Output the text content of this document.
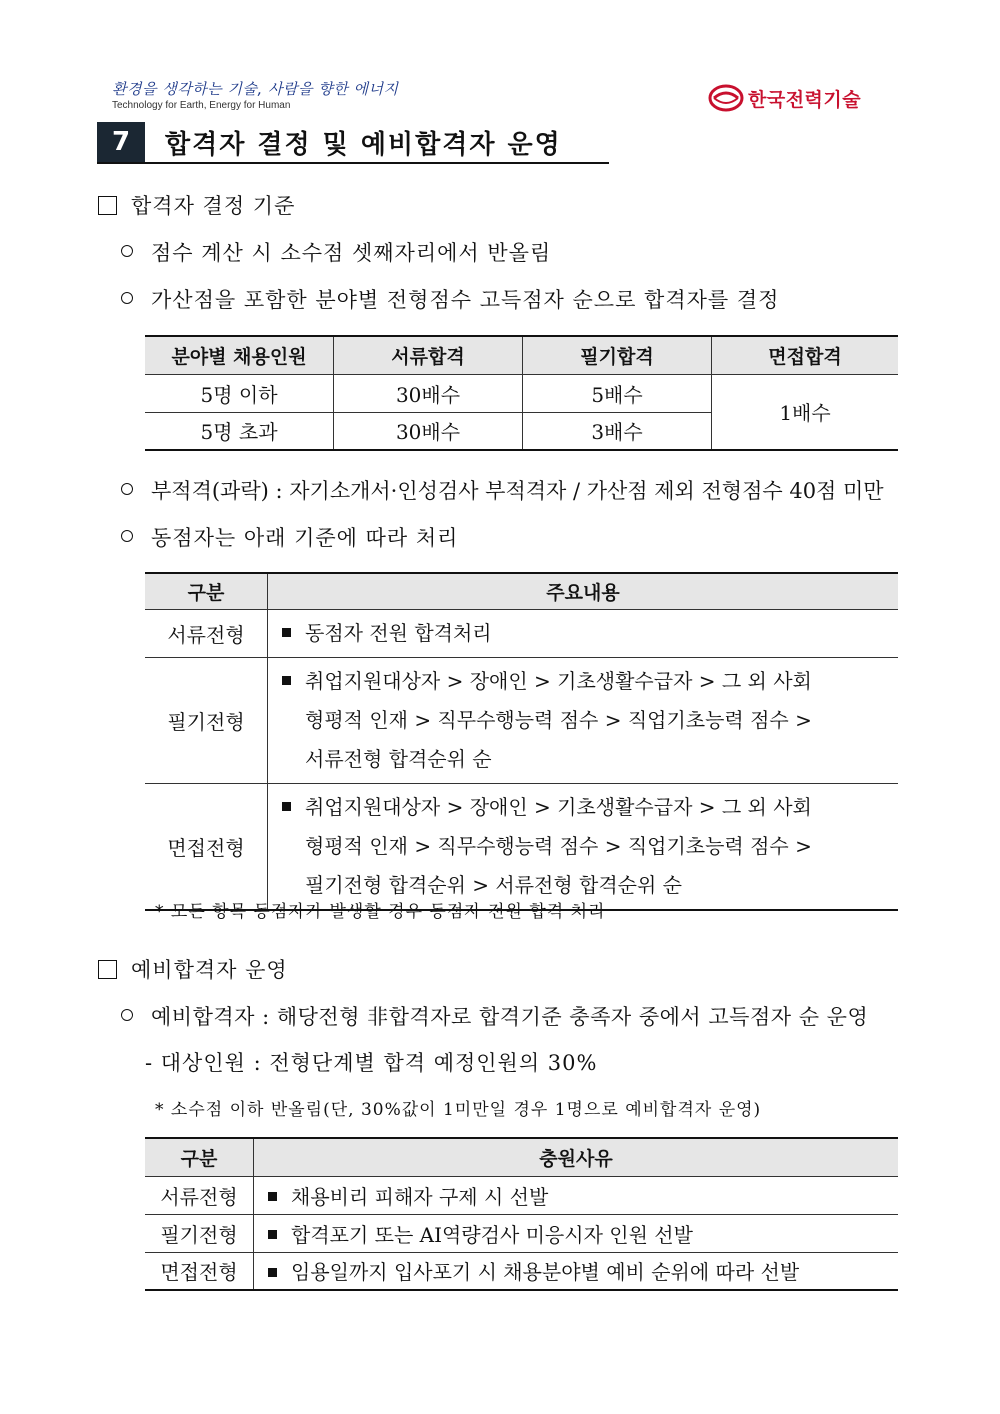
환경을 생각하는 기술, 사람을 향한 에너지
Technology for Earth, Energy for Human	한국전력기술
7	합격자 결정 및 예비합격자 운영
합격자 결정 기준
점수 계산 시 소수점 셋째자리에서 반올림
가산점을 포함한 분야별 전형점수 고득점자 순으로 합격자를 결정
분야별 채용인원	서류합격	필기합격	면접합격
5명 이하	30배수	5배수	1배수
5명 초과	30배수	3배수	
부적격(과락) : 자기소개서·인성검사 부적격자 / 가산점 제외 전형점수 40점 미만
동점자는 아래 기준에 따라 처리
구분	주요내용
서류전형	동점자 전원 합격처리

필기전형	취업지원대상자 > 장애인 > 기초생활수급자 > 그 외 사회
형평적 인재 > 직무수행능력 점수 > 직업기초능력 점수 >
서류전형 합격순위 순

면접전형	취업지원대상자 > 장애인 > 기초생활수급자 > 그 외 사회
형평적 인재 > 직무수행능력 점수 > 직업기초능력 점수 >
필기전형 합격순위 > 서류전형 합격순위 순
* 모든 항목 동점자가 발생할 경우 동점자 전원 합격 처리
예비합격자 운영
예비합격자 : 해당전형 非합격자로 합격기준 충족자 중에서 고득점자 순 운영
- 대상인원 : 전형단계별 합격 예정인원의 30%
* 소수점 이하 반올림(단, 30%값이 1미만일 경우 1명으로 예비합격자 운영)
구분	충원사유
서류전형	채용비리 피해자 구제 시 선발
필기전형	합격포기 또는 AI역량검사 미응시자 인원 선발
면접전형	임용일까지 입사포기 시 채용분야별 예비 순위에 따라 선발
